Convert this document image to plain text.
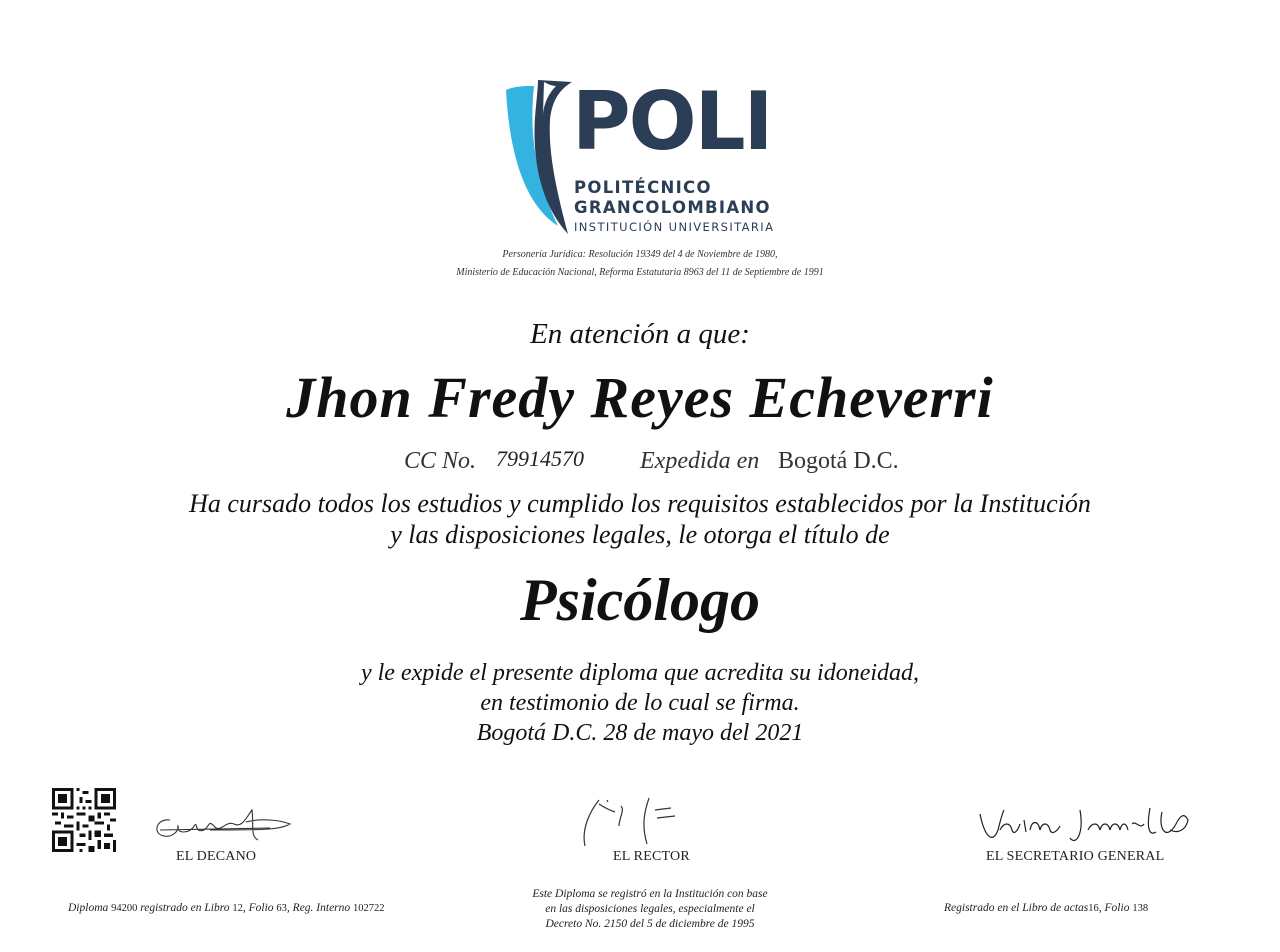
POLI
POLITÉCNICO
GRANCOLOMBIANO
INSTITUCIÓN UNIVERSITARIA
Personería Jurídica: Resolución 19349 del 4 de Noviembre de 1980,
Ministerio de Educación Nacional, Reforma Estatutaria 8963 del 11 de Septiembre de 1991
En atención a que:
Jhon Fredy Reyes Echeverri
CC No. 79914570 Expedida en Bogotá D.C.
Ha cursado todos los estudios y cumplido los requisitos establecidos por la Institución
y las disposiciones legales, le otorga el título de
Psicólogo
y le expide el presente diploma que acredita su idoneidad,
en testimonio de lo cual se firma.
Bogotá D.C. 28 de mayo del 2021
EL DECANO	EL RECTOR	EL SECRETARIO GENERAL
Diploma 94200 registrado en Libro 12, Folio 63, Reg. Interno 102722
Este Diploma se registró en la Institución con base
en las disposiciones legales, especialmente el
Decreto No. 2150 del 5 de diciembre de 1995
Registrado en el Libro de actas16, Folio 138
